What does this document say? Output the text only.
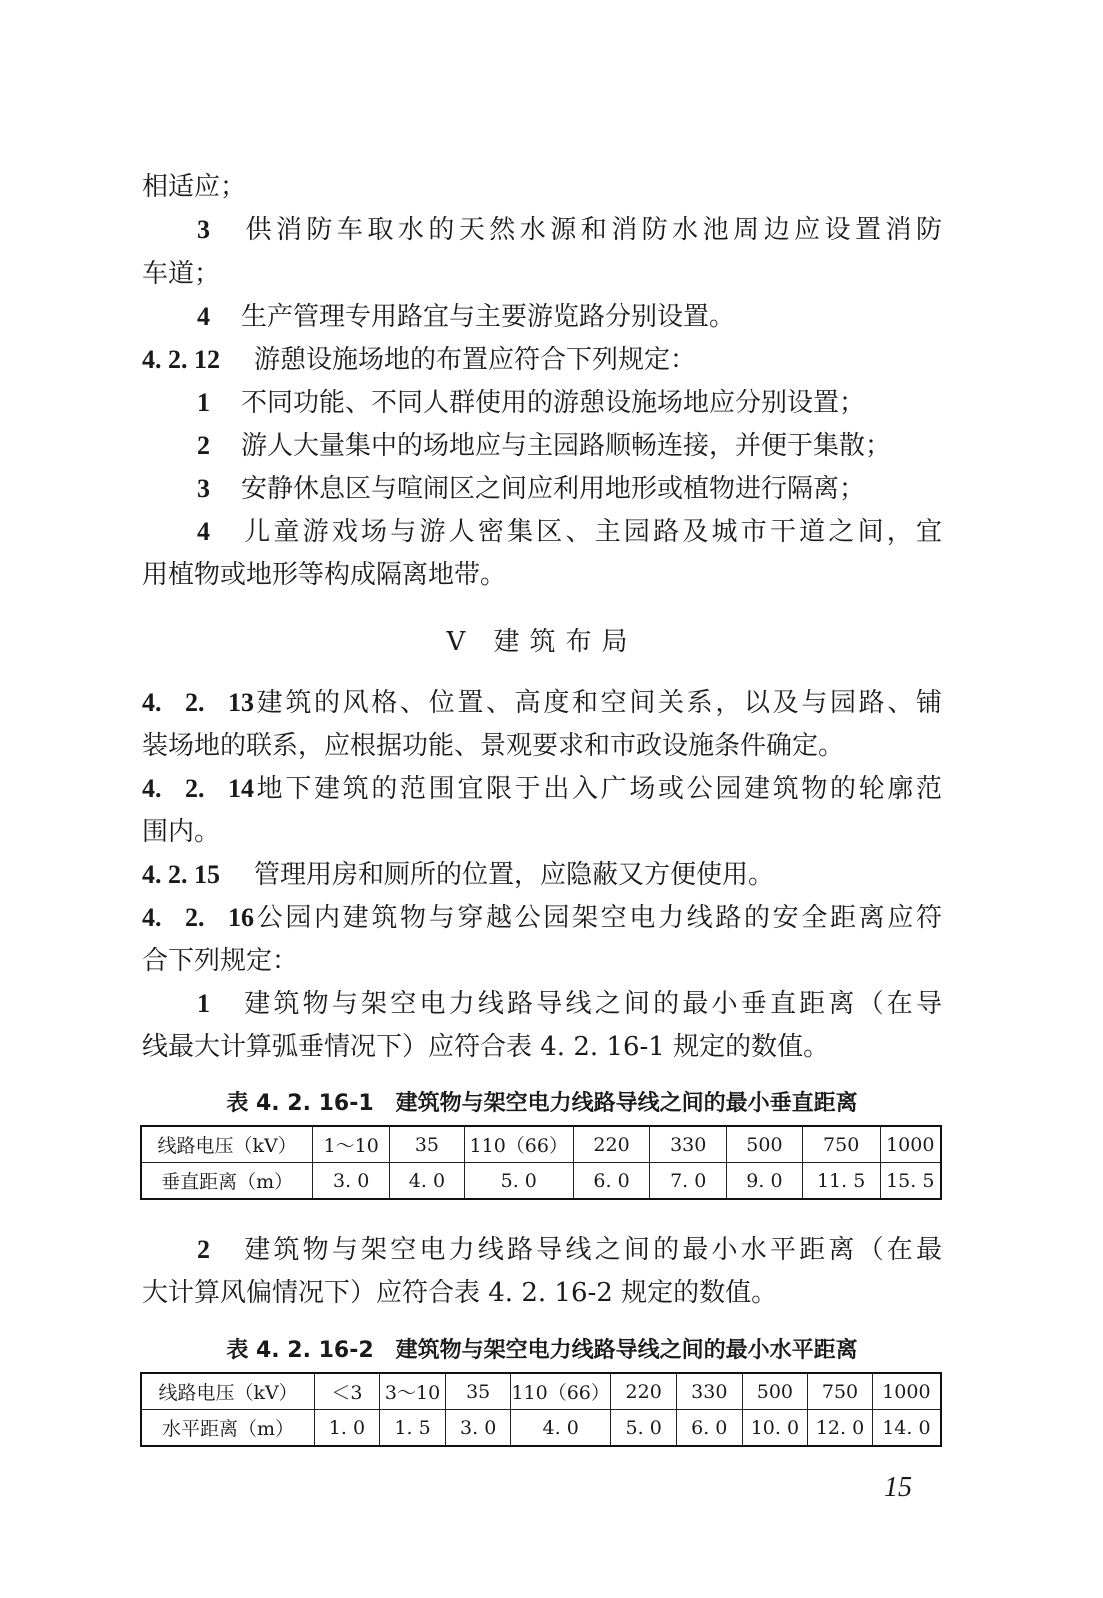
相适应；
3 供消防车取水的天然水源和消防水池周边应设置消防
车道；
4 生产管理专用路宜与主要游览路分别设置。
4. 2. 12 游憩设施场地的布置应符合下列规定：
1 不同功能、不同人群使用的游憩设施场地应分别设置；
2 游人大量集中的场地应与主园路顺畅连接，并便于集散；
3 安静休息区与喧闹区之间应利用地形或植物进行隔离；
4 儿童游戏场与游人密集区、主园路及城市干道之间，宜
用植物或地形等构成隔离地带。
Ⅴ 建筑布局
4. 2. 13建筑的风格、位置、高度和空间关系，以及与园路、铺
装场地的联系，应根据功能、景观要求和市政设施条件确定。
4. 2. 14地下建筑的范围宜限于出入广场或公园建筑物的轮廓范
围内。
4. 2. 15 管理用房和厕所的位置，应隐蔽又方便使用。
4. 2. 16公园内建筑物与穿越公园架空电力线路的安全距离应符
合下列规定：
1 建筑物与架空电力线路导线之间的最小垂直距离（在导
线最大计算弧垂情况下）应符合表 4. 2. 16-1 规定的数值。
表 4. 2. 16-1　建筑物与架空电力线路导线之间的最小垂直距离
线路电压（kV）	1～10	35	110（66）	220	330	500	750	1000
垂直距离（m）	3. 0	4. 0	5. 0	6. 0	7. 0	9. 0	11. 5	15. 5
2 建筑物与架空电力线路导线之间的最小水平距离（在最
大计算风偏情况下）应符合表 4. 2. 16-2 规定的数值。
表 4. 2. 16-2　建筑物与架空电力线路导线之间的最小水平距离
线路电压（kV）	＜3	3～10	35	110（66）	220	330	500	750	1000
水平距离（m）	1. 0	1. 5	3. 0	4. 0	5. 0	6. 0	10. 0	12. 0	14. 0
15
